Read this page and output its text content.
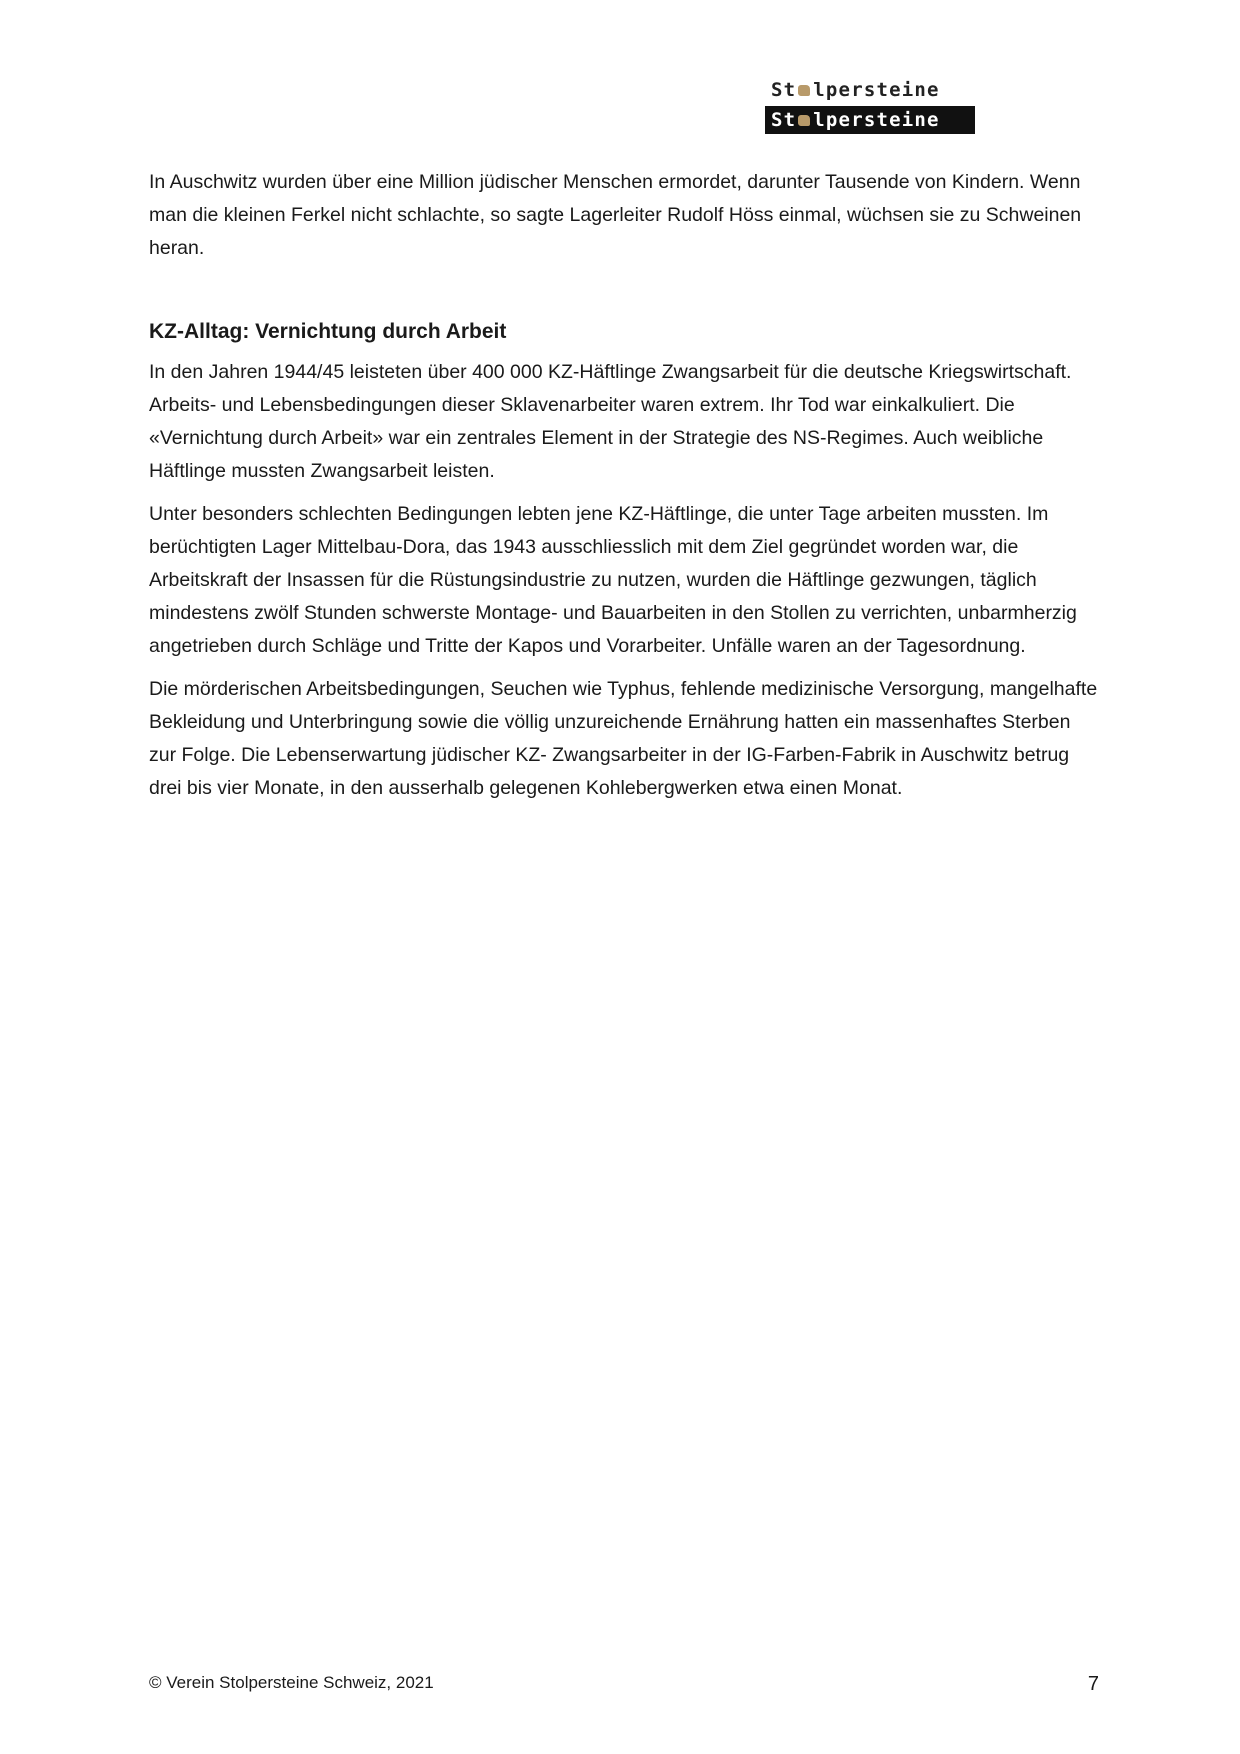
St lpersteine
St lpersteine

In Auschwitz wurden über eine Million jüdischer Menschen ermordet, darunter Tausende von Kindern. Wenn man die kleinen Ferkel nicht schlachte, so sagte Lagerleiter Rudolf Höss einmal, wüchsen sie zu Schweinen heran.

KZ-Alltag: Vernichtung durch Arbeit

In den Jahren 1944/45 leisteten über 400 000 KZ-Häftlinge Zwangsarbeit für die deutsche Kriegswirtschaft. Arbeits- und Lebensbedingungen dieser Sklavenarbeiter waren extrem. Ihr Tod war einkalkuliert. Die «Vernichtung durch Arbeit» war ein zentrales Element in der Strategie des NS-Regimes. Auch weibliche Häftlinge mussten Zwangsarbeit leisten.

Unter besonders schlechten Bedingungen lebten jene KZ-Häftlinge, die unter Tage arbeiten mussten. Im berüchtigten Lager Mittelbau-Dora, das 1943 ausschliesslich mit dem Ziel gegründet worden war, die Arbeitskraft der Insassen für die Rüstungsindustrie zu nutzen, wurden die Häftlinge gezwungen, täglich mindestens zwölf Stunden schwerste Montage- und Bauarbeiten in den Stollen zu verrichten, unbarmherzig angetrieben durch Schläge und Tritte der Kapos und Vorarbeiter. Unfälle waren an der Tagesordnung.

Die mörderischen Arbeitsbedingungen, Seuchen wie Typhus, fehlende medizinische Versorgung, mangelhafte Bekleidung und Unterbringung sowie die völlig unzureichende Ernährung hatten ein massenhaftes Sterben zur Folge. Die Lebenserwartung jüdischer KZ- Zwangsarbeiter in der IG-Farben-Fabrik in Auschwitz betrug drei bis vier Monate, in den ausserhalb gelegenen Kohlebergwerken etwa einen Monat.

© Verein Stolpersteine Schweiz, 2021	7
